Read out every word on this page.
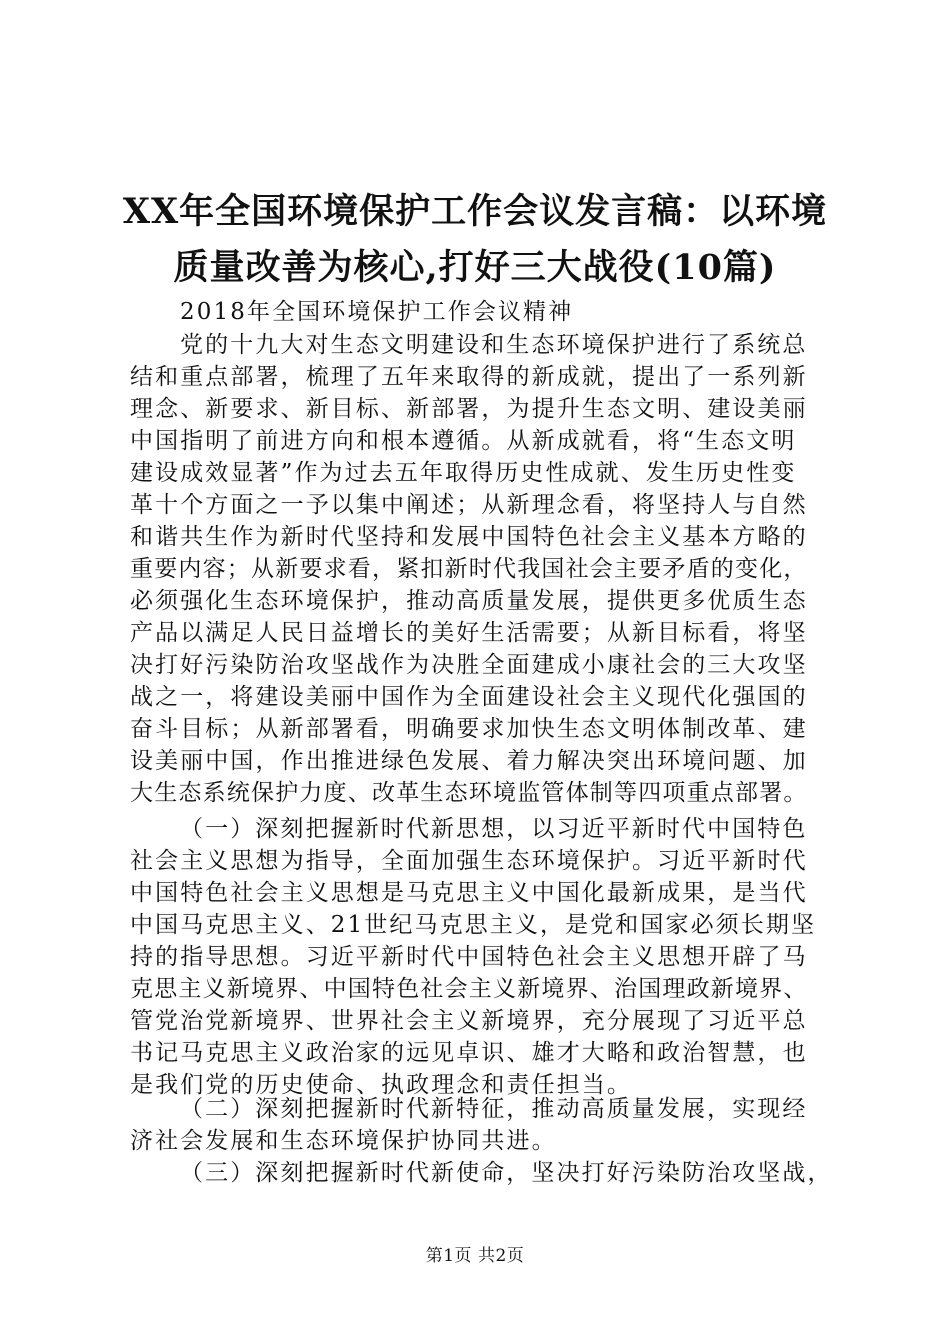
XX年全国环境保护工作会议发言稿：以环境
质量改善为核心,打好三大战役(10篇)
2018年全国环境保护工作会议精神
党的十九大对生态文明建设和生态环境保护进行了系统总
结和重点部署，梳理了五年来取得的新成就，提出了一系列新
理念、新要求、新目标、新部署，为提升生态文明、建设美丽
中国指明了前进方向和根本遵循。从新成就看，将“生态文明
建设成效显著”作为过去五年取得历史性成就、发生历史性变
革十个方面之一予以集中阐述；从新理念看，将坚持人与自然
和谐共生作为新时代坚持和发展中国特色社会主义基本方略的
重要内容；从新要求看，紧扣新时代我国社会主要矛盾的变化，
必须强化生态环境保护，推动高质量发展，提供更多优质生态
产品以满足人民日益增长的美好生活需要；从新目标看，将坚
决打好污染防治攻坚战作为决胜全面建成小康社会的三大攻坚
战之一，将建设美丽中国作为全面建设社会主义现代化强国的
奋斗目标；从新部署看，明确要求加快生态文明体制改革、建
设美丽中国，作出推进绿色发展、着力解决突出环境问题、加
大生态系统保护力度、改革生态环境监管体制等四项重点部署。
（一）深刻把握新时代新思想，以习近平新时代中国特色
社会主义思想为指导，全面加强生态环境保护。习近平新时代
中国特色社会主义思想是马克思主义中国化最新成果，是当代
中国马克思主义、21世纪马克思主义，是党和国家必须长期坚
持的指导思想。习近平新时代中国特色社会主义思想开辟了马
克思主义新境界、中国特色社会主义新境界、治国理政新境界、
管党治党新境界、世界社会主义新境界，充分展现了习近平总
书记马克思主义政治家的远见卓识、雄才大略和政治智慧，也
是我们党的历史使命、执政理念和责任担当。
（二）深刻把握新时代新特征，推动高质量发展，实现经
济社会发展和生态环境保护协同共进。
（三）深刻把握新时代新使命，坚决打好污染防治攻坚战，
第1页 共2页
